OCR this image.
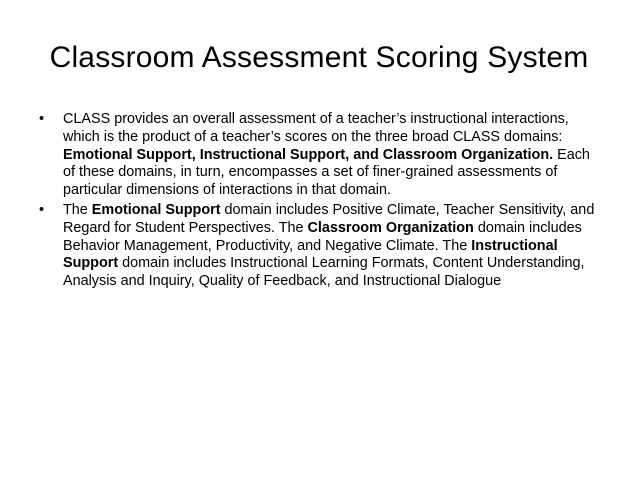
Classroom Assessment Scoring System
• CLASS provides an overall assessment of a teacher’s instructional interactions, which is the product of a teacher’s scores on the three broad CLASS domains: Emotional Support, Instructional Support, and Classroom Organization. Each of these domains, in turn, encompasses a set of finer-grained assessments of particular dimensions of interactions in that domain.
• The Emotional Support domain includes Positive Climate, Teacher Sensitivity, and Regard for Student Perspectives. The Classroom Organization domain includes Behavior Management, Productivity, and Negative Climate. The Instructional Support domain includes Instructional Learning Formats, Content Understanding, Analysis and Inquiry, Quality of Feedback, and Instructional Dialogue
